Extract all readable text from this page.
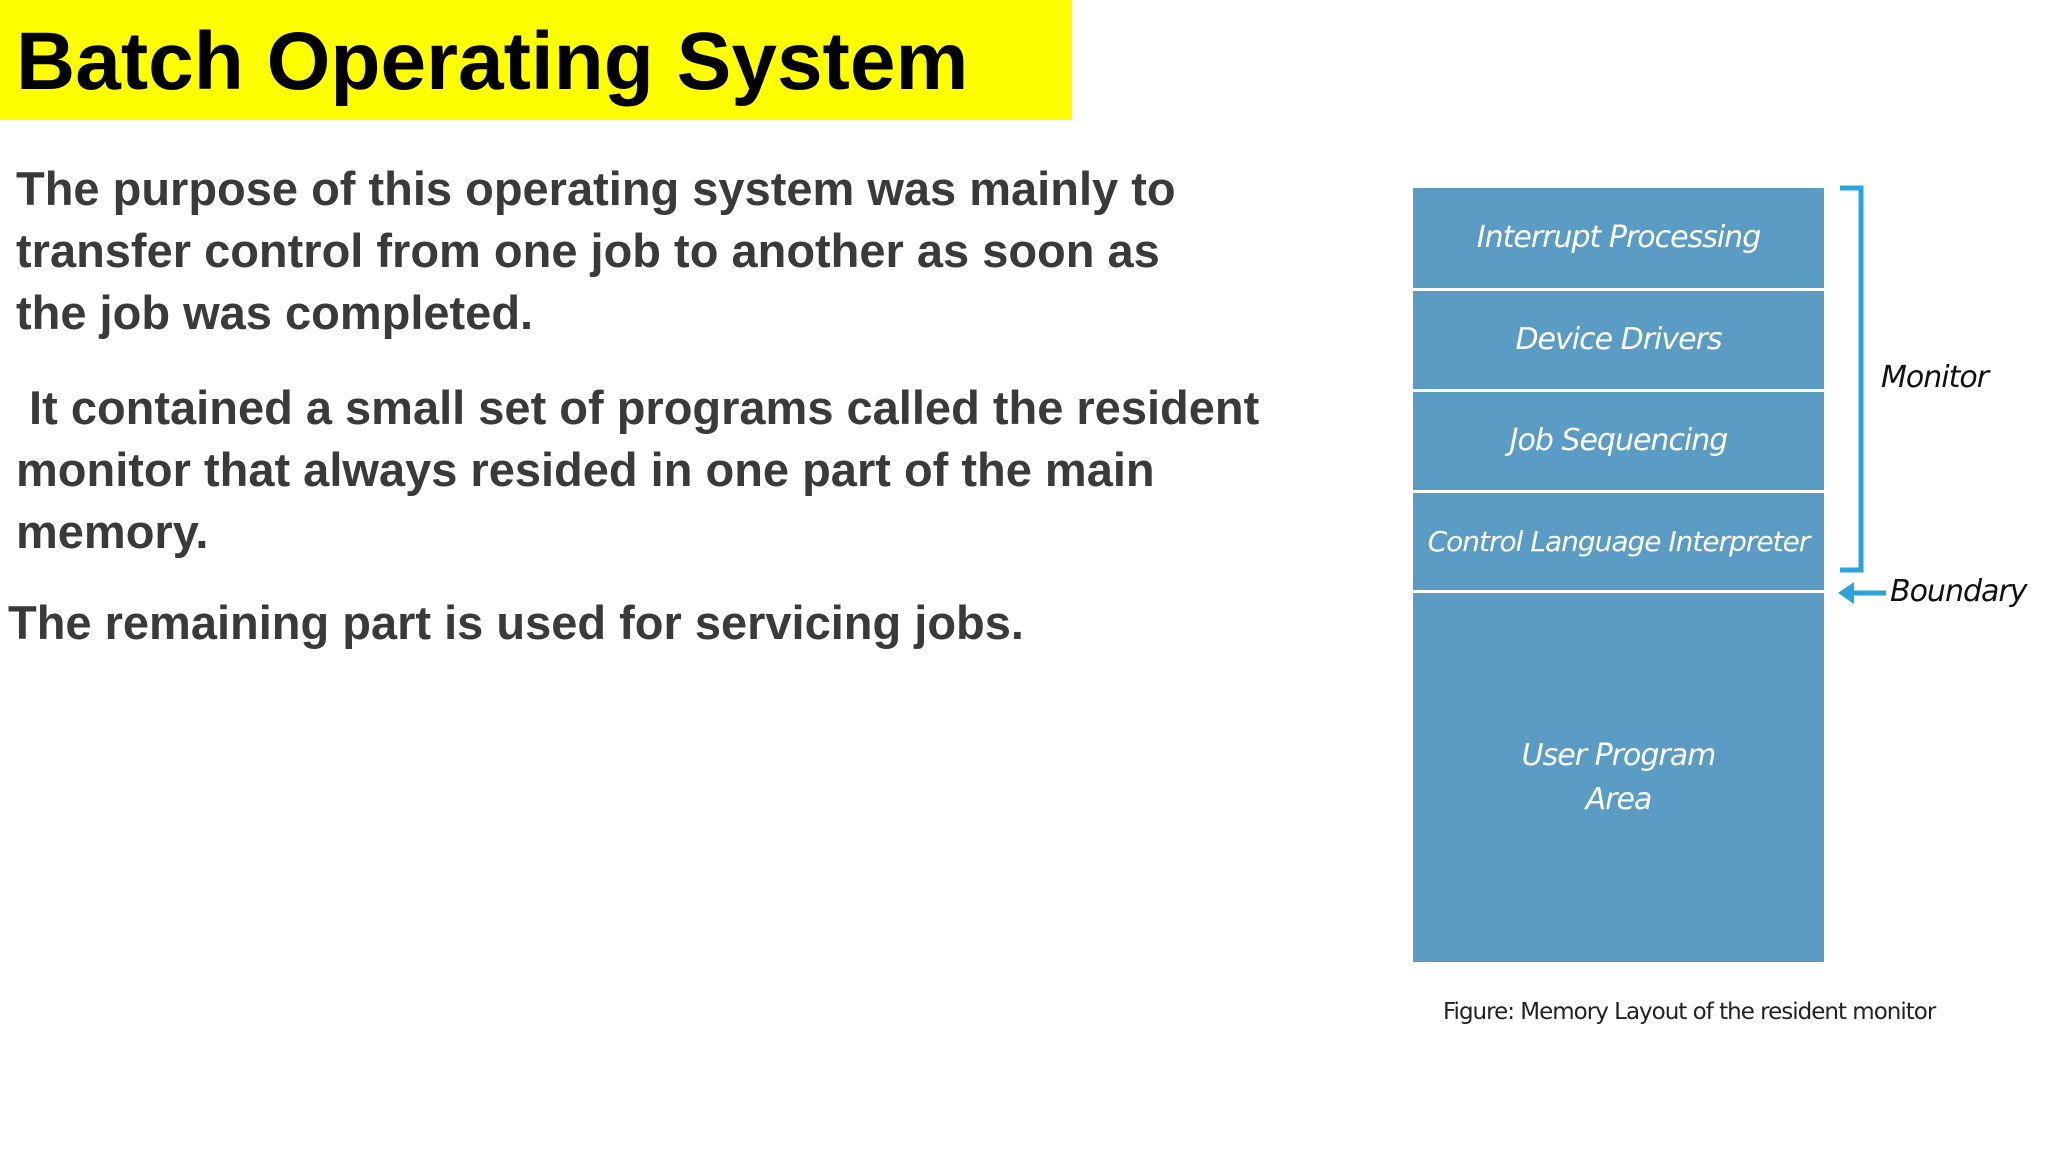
Batch Operating System
The purpose of this operating system was mainly to
transfer control from one job to another as soon as
the job was completed.
It contained a small set of programs called the resident
monitor that always resided in one part of the main
memory.
The remaining part is used for servicing jobs.
Interrupt Processing
Device Drivers
Job Sequencing
Control Language Interpreter
User Program
Area
Monitor
Boundary
Figure: Memory Layout of the resident monitor
